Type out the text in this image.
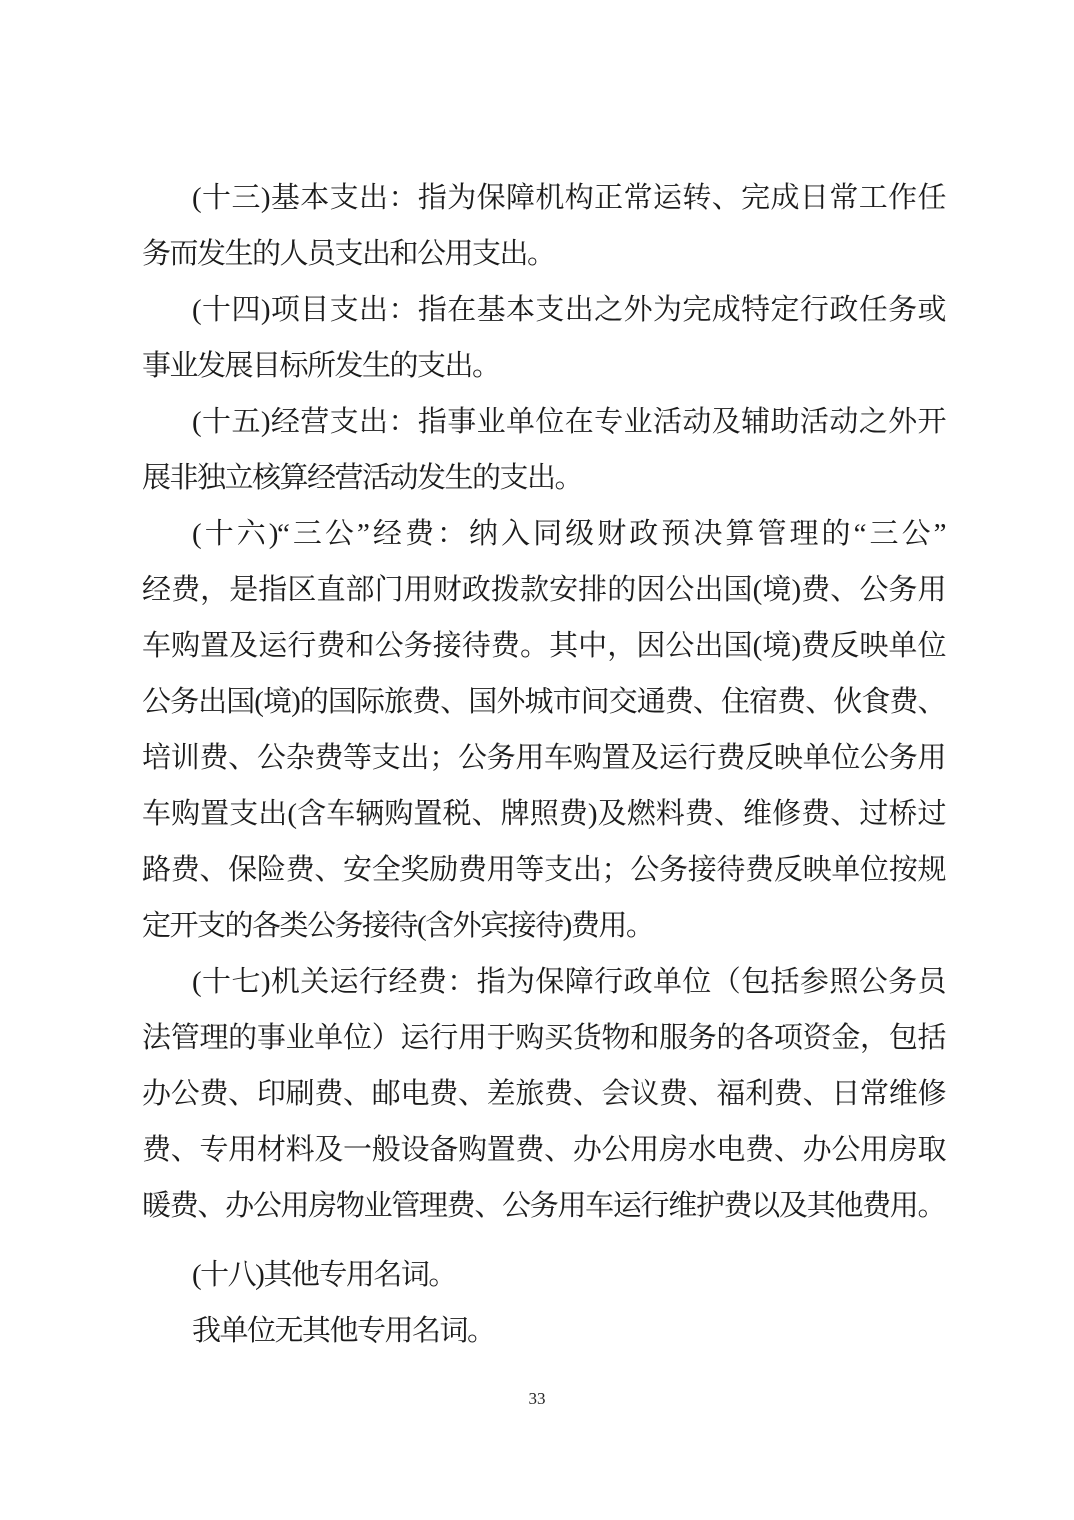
(十三)基本支出：指为保障机构正常运转、完成日常工作任
务而发生的人员支出和公用支出。

(十四)项目支出：指在基本支出之外为完成特定行政任务或
事业发展目标所发生的支出。

(十五)经营支出：指事业单位在专业活动及辅助活动之外开
展非独立核算经营活动发生的支出。

(十六)“三公”经费：纳入同级财政预决算管理的“三公”
经费，是指区直部门用财政拨款安排的因公出国(境)费、公务用
车购置及运行费和公务接待费。其中，因公出国(境)费反映单位
公务出国(境)的国际旅费、国外城市间交通费、住宿费、伙食费、
培训费、公杂费等支出；公务用车购置及运行费反映单位公务用
车购置支出(含车辆购置税、牌照费)及燃料费、维修费、过桥过
路费、保险费、安全奖励费用等支出；公务接待费反映单位按规
定开支的各类公务接待(含外宾接待)费用。

(十七)机关运行经费：指为保障行政单位（包括参照公务员
法管理的事业单位）运行用于购买货物和服务的各项资金，包括
办公费、印刷费、邮电费、差旅费、会议费、福利费、日常维修
费、专用材料及一般设备购置费、办公用房水电费、办公用房取
暖费、办公用房物业管理费、公务用车运行维护费以及其他费用。

(十八)其他专用名词。

我单位无其他专用名词。

33
